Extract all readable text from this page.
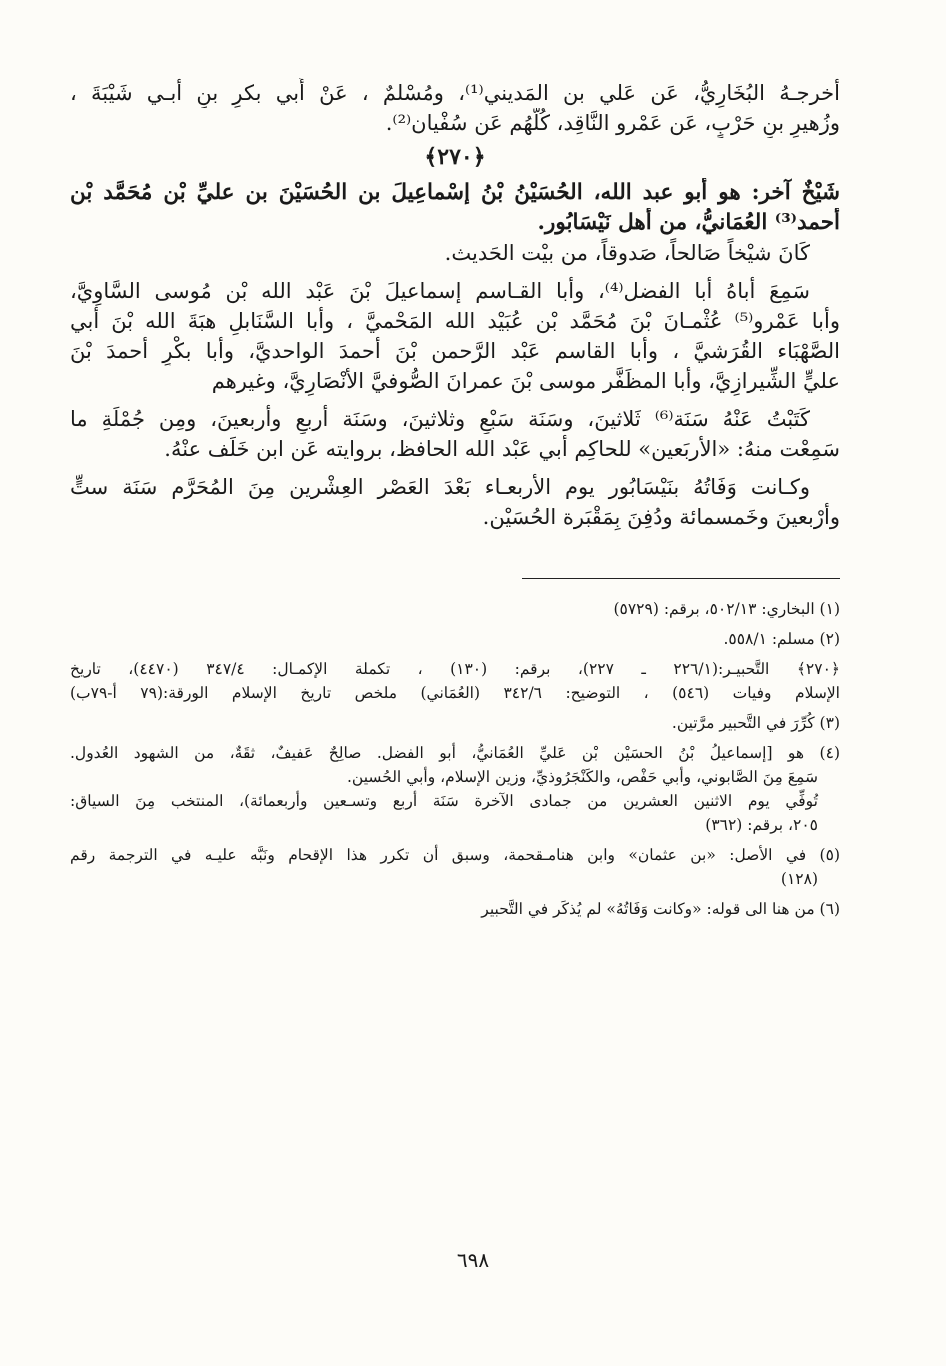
أخرجـهُ البُخَارِيُّ، عَن عَلي بن المَديني⁽¹⁾، ومُسْلمٌ ، عَنْ أَبي بكرِ بنِ أبـي شَيْبَةَ ،
وزُهيرِ بنِ حَرْبٍ، عَن عَمْرو النَّاقِد، كُلُّهُم عَن سُفْيان⁽²⁾.
﴿٢٧٠﴾
شَيْخٌ آخر: هو أبو عبد الله، الحُسَيْنُ بْنُ إسْماعِيلَ بن الحُسَيْنَ بن عليِّ بْن مُحَمَّد بْن
أحمد⁽³⁾ العُمَانيُّ، من أهل نَيْسَابُور.
كَانَ شيْخاً صَالحاً، صَدوقاً، من بيْت الحَديث.
سَمِعَ أباهُ أبا الفضل⁽⁴⁾، وأبا القـاسم إسماعيلَ بْنَ عَبْد الله بْن مُوسى السَّاوِيَّ،
وأبا عَمْرو⁽⁵⁾ عُثْمـانَ بْنَ مُحَمَّد بْن عُبَيْد الله المَحْميَّ ، وأبا السَّنَابلِ هبَةَ الله بْنَ أبي
الصَّهْبَاء القُرَشيَّ ، وأبا القاسم عَبْد الرَّحمن بْنَ أحمدَ الواحديَّ، وأبا بكْرٍ أحمدَ بْنَ
عليٍّ الشِّيرازِيَّ، وأبا المظَفَّر موسى بْنَ عمرانَ الصُّوفيَّ الأنْصَارِيَّ، وغيرهم
كَتَبْتُ عَنْهُ سَنَة⁽⁶⁾ ثَلاثينَ، وسَنَة سَبْعٍ وثلاثينَ، وسَنَة أربعٍ وأربعينَ، ومِن جُمْلَةِ ما
سَمِعْت منهُ: «الأربَعين» للحاكِم أبي عَبْد الله الحافظ، بروايته عَن ابن خَلَف عنْهُ.
وكـانت وَفَاتُهُ بنَيْسَابُور يوم الأربعـاء بَعْدَ العَصْر العِشْرين مِنَ المُحَرَّم سَنَة ستٍّ
وأرْبعينَ وخَمسمائة ودُفِنَ بِمَقْبَرة الحُسَيْن.
(١) البخاري: ٥٠٢/١٣، برقم: (٥٧٢٩)
(٢) مسلم: ٥٥٨/١.
﴿٢٧٠﴾ التَّحبيـر:(٢٢٦/١ ـ ٢٢٧)، برقم: (١٣٠) ، تكملة الإكمـال: ٣٤٧/٤ (٤٤٧٠)، تاريخ
الإسلام وفيات (٥٤٦) ، التوضيح: ٣٤٢/٦ (العُمَاني) ملخص تاريخ الإسلام الورقة:(٧٩ أ-٧٩ب)
(٣) كُرِّرَ في التَّحبير مرَّتين.
(٤) هو [إسماعيلُ بْنُ الحسَيْن بْن عَليِّ العُمَانيُّ، أبو الفضل. صالِحٌ عَفيفٌ، ثقَةٌ، من الشهود العُدول.
سَمِعَ مِنَ الصَّابوني، وأبي حَفْص، والكَنْجَرُوذيِّ، وزين الإسلام، وأبي الحُسين.
تُوفِّي يوم الاثنين العشرين من جمادى الآخرة سَنَة أربع وتسـعين وأربعمائة)، المنتخب مِنَ السياق:
٢٠٥، برقم: (٣٦٢)
(٥) في الأصل: «بن عثمان» وابن هنامـقحمة، وسبق أن تكرر هذا الإقحام ونَبَّه عليـه في الترجمة رقم
(١٢٨)
(٦) من هنا الى قوله: «وكانت وَفَاتُهُ» لم يُذكَر في التَّحبير
٦٩٨
